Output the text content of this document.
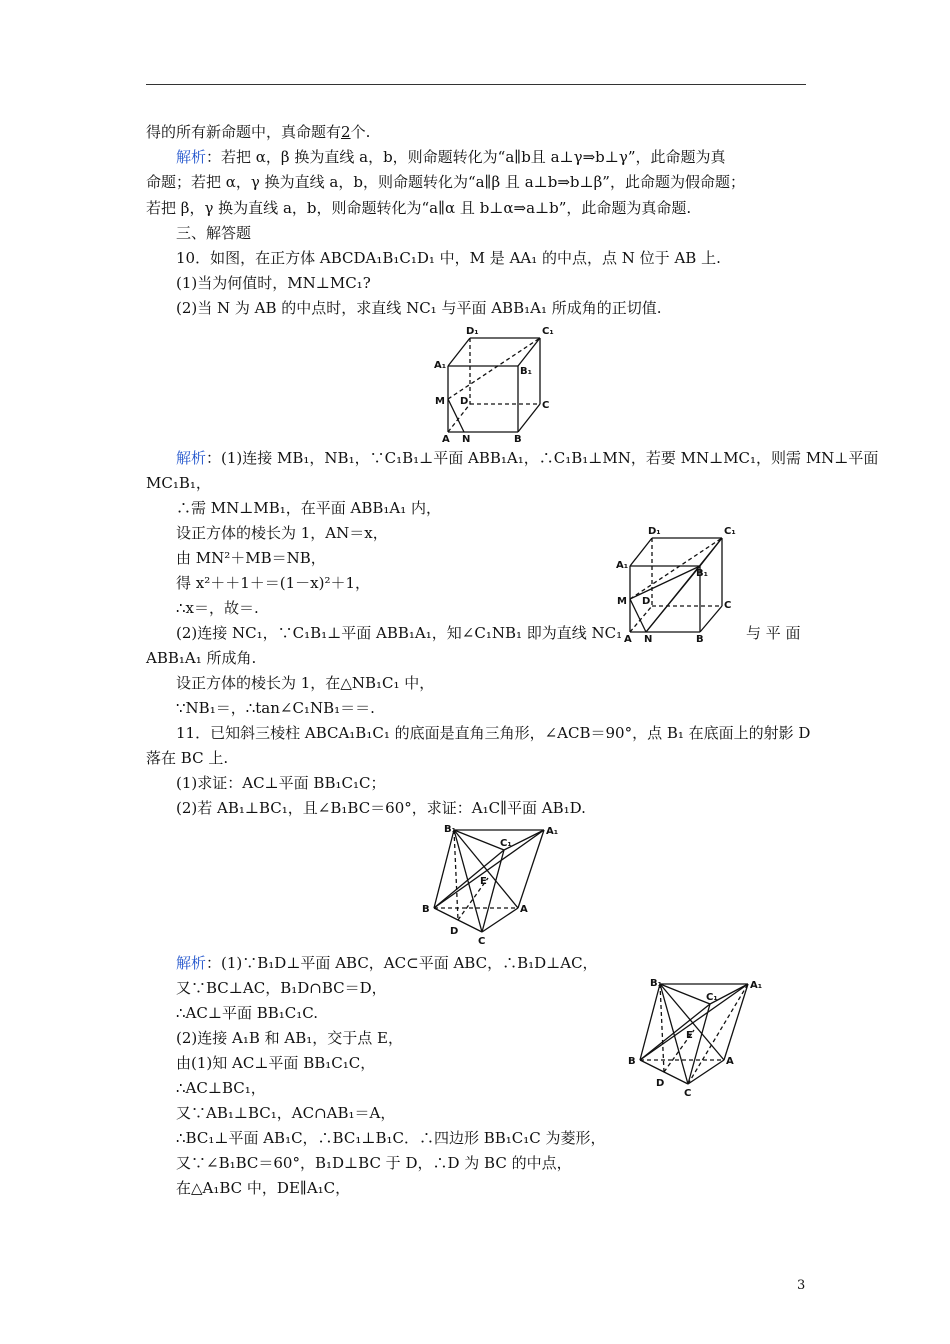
得的所有新命题中，真命题有2个.
解析：若把 α，β 换为直线 a，b，则命题转化为“a∥b且 a⊥γ⇒b⊥γ”，此命题为真
命题；若把 α，γ 换为直线 a，b，则命题转化为“a∥β 且 a⊥b⇒b⊥β”，此命题为假命题；
若把 β，γ 换为直线 a，b，则命题转化为“a∥α 且 b⊥α⇒a⊥b”，此命题为真命题.
三、解答题
10．如图，在正方体 ABCDA₁B₁C₁D₁ 中，M 是 AA₁ 的中点，点 N 位于 AB 上.
(1)当为何值时，MN⊥MC₁?
(2)当 N 为 AB 的中点时，求直线 NC₁ 与平面 ABB₁A₁ 所成角的正切值.
D₁	C₁
A₁
B₁
M D	C
A N	B
解析：(1)连接 MB₁，NB₁，∵C₁B₁⊥平面 ABB₁A₁，∴C₁B₁⊥MN，若要 MN⊥MC₁，则需 MN⊥平面
MC₁B₁，
∴需 MN⊥MB₁，在平面 ABB₁A₁ 内，
设正方体的棱长为 1，AN＝x，
由 MN²＋MB＝NB，
得 x²＋＋1＋＝(1－x)²＋1，
∴x＝，故＝.
(2)连接 NC₁，∵C₁B₁⊥平面 ABB₁A₁，知∠C₁NB₁ 即为直线 NC₁	与 平 面
ABB₁A₁ 所成角.
D₁	C₁
A₁
B₁
M D	C
A N	B
设正方体的棱长为 1，在△NB₁C₁ 中，
∵NB₁＝，∴tan∠C₁NB₁＝＝.
11．已知斜三棱柱 ABCA₁B₁C₁ 的底面是直角三角形，∠ACB＝90°，点 B₁ 在底面上的射影 D
落在 BC 上.
(1)求证：AC⊥平面 BB₁C₁C；
(2)若 AB₁⊥BC₁，且∠B₁BC＝60°，求证：A₁C∥平面 AB₁D.
B₁	A₁
C₁
E
B	A
D
C
解析：(1)∵B₁D⊥平面 ABC，AC⊂平面 ABC，∴B₁D⊥AC，
又∵BC⊥AC，B₁D∩BC＝D，
∴AC⊥平面 BB₁C₁C.
(2)连接 A₁B 和 AB₁，交于点 E，
由(1)知 AC⊥平面 BB₁C₁C，
∴AC⊥BC₁，
又∵AB₁⊥BC₁，AC∩AB₁＝A，
∴BC₁⊥平面 AB₁C，∴BC₁⊥B₁C．∴四边形 BB₁C₁C 为菱形，
又∵∠B₁BC＝60°，B₁D⊥BC 于 D，∴D 为 BC 的中点，
在△A₁BC 中，DE∥A₁C，
B₁	A₁
C₁
E
B	A
D
C
3
